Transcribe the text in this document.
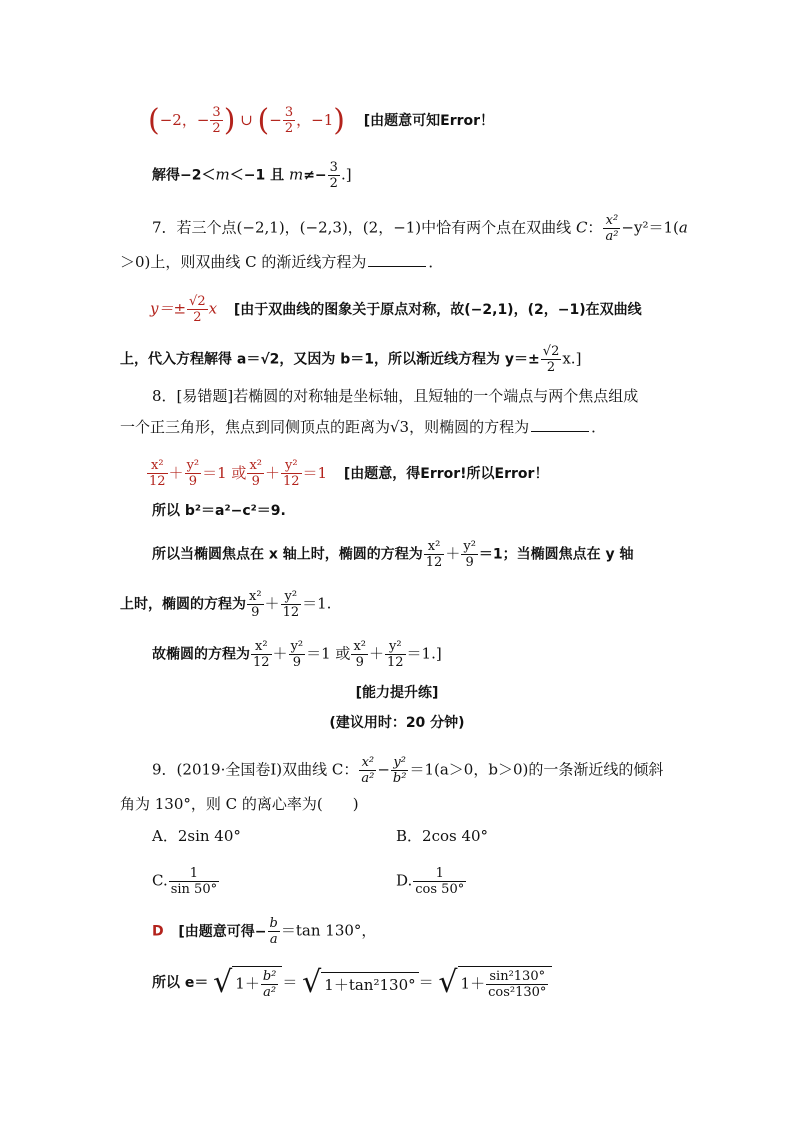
(−2，− $\frac{3}{2}$ ) ∪ (− $\frac{3}{2}$ ，−1) [由题意可知Error！
解得−2＜m＜−1 且 $m\ne- \frac{3}{2}$ .]
7．若三个点(−2,1)，(−2,3)，(2，−1)中恰有两个点在双曲线 C： $\frac{\text{x²}}{\text{a²}} -y^2=1(a$
＞0)上，则双曲线 C 的渐近线方程为	．
$y=\pm \frac{√2}{2}$ x [由于双曲线的图象关于原点对称，故(−2,1)，(2，−1)在双曲线
上，代入方程解得 a＝√2，又因为 b＝1，所以渐近线方程为 $y=\pm \frac{√2}{2} x$.]
8．[易错题]若椭圆的对称轴是坐标轴，且短轴的一个端点与两个焦点组成
一个正三角形，焦点到同侧顶点的距离为√3，则椭圆的方程为	．
$\frac{\text{x²}}{12} + \frac{\text{y²}}{9} =1$ 或 $\frac{\text{x²}}{9} + \frac{\text{y²}}{12} =1$ [由题意，得Error!所以Error！
所以 b²＝a²−c²＝9.
所以当椭圆焦点在 x 轴上时，椭圆的方程为 $\frac{\text{x²}}{12} + \frac{\text{y²}}{9} =1$；当椭圆焦点在 y 轴
上时，椭圆的方程为 $\frac{\text{x²}}{9} + \frac{\text{y²}}{12} =1$.
故椭圆的方程为 $\frac{\text{x²}}{12} + \frac{\text{y²}}{9} =1$ 或 $\frac{\text{x²}}{9} + \frac{\text{y²}}{12} =1$.]
[能力提升练]
(建议用时：20 分钟)
9．(2019·全国卷Ⅰ)双曲线 C： $\frac{\text{x²}}{\text{a²}} - \frac{\text{y²}}{\text{b²}} =1(a>0$，b＞0)的一条渐近线的倾斜
角为 130°，则 C 的离心率为(　　)
A．2sin 40°	B．2cos 40°
C. $\frac{1}{\sin 50^\circ}$	D. $\frac{1}{\cos 50^\circ}$
D [由题意可得− $\frac{b}{a} =\tan$ 130°，
所以 e＝ √ $1+ \frac{\text{b²}}{\text{a²}}$ ＝ √ 1＋tan²130° ＝ √ $1+ \frac{\text{sin²130°}}{\text{cos²130°}}$
